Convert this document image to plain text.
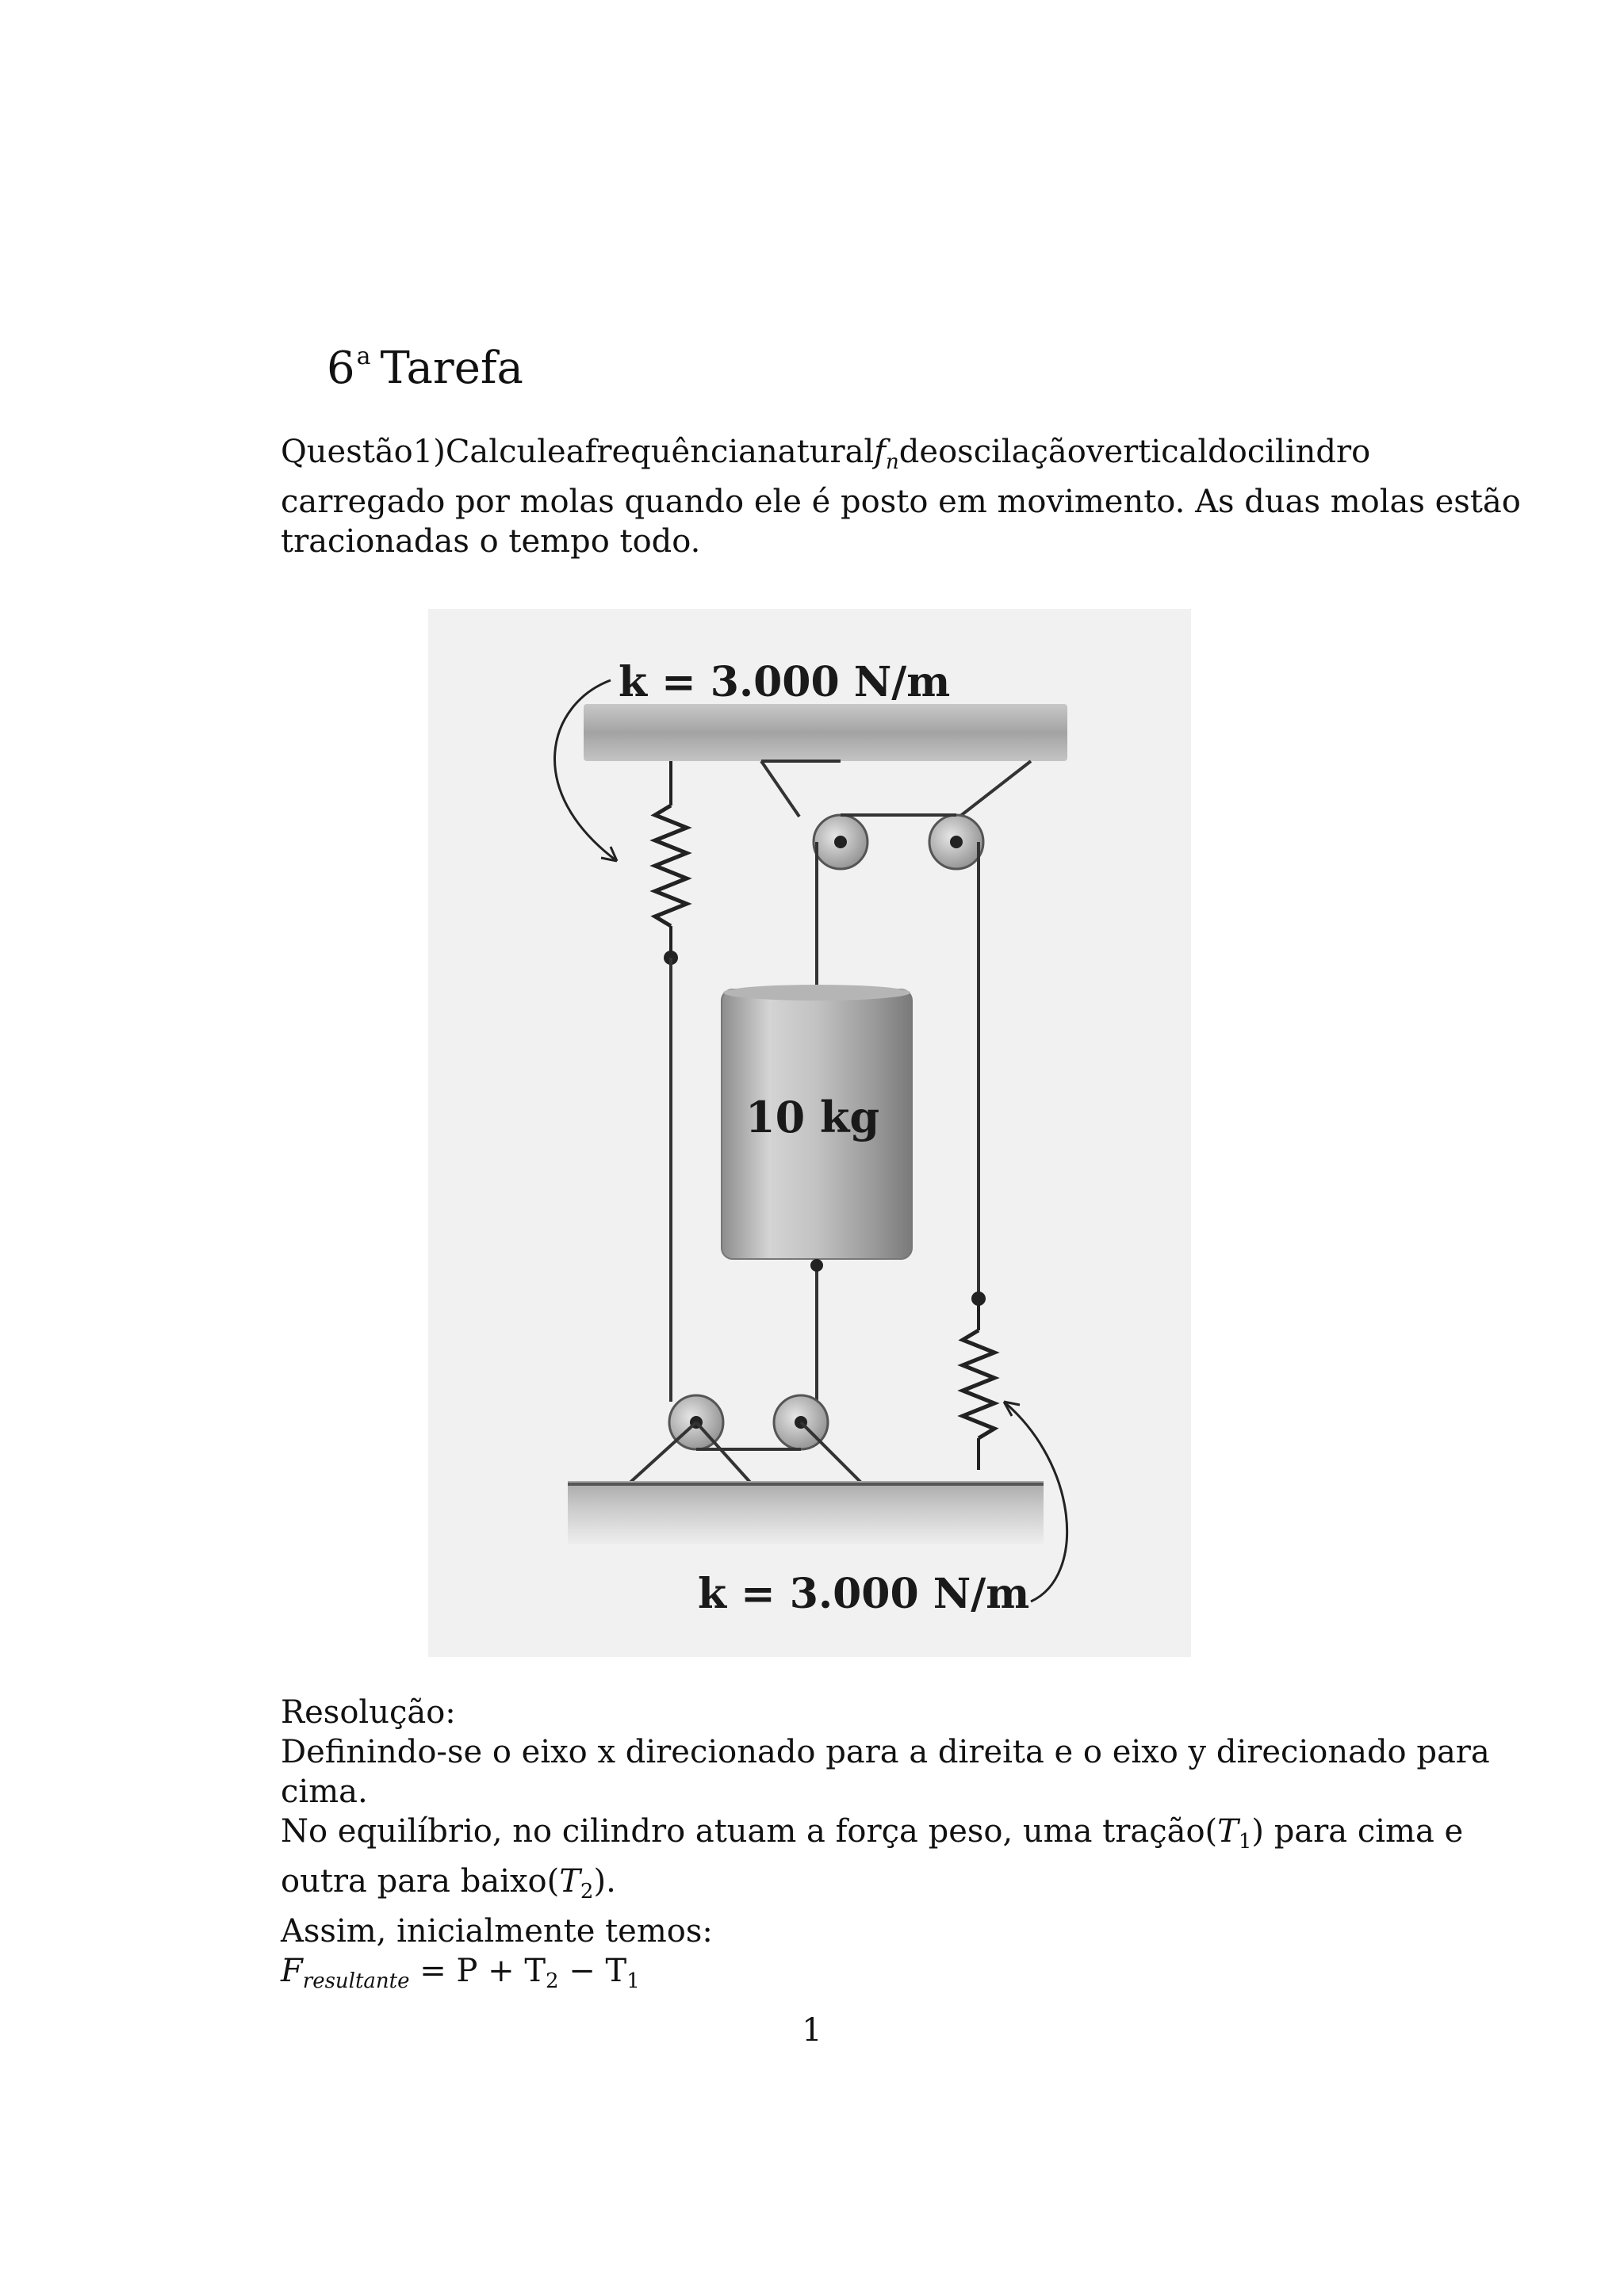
6$^a$ Tarefa
Questão 1)Calcule a frequência natural $f_n$ de oscilação vertical do cilindro
carregado por molas quando ele é posto em movimento. As duas molas estão
tracionadas o tempo todo.
k = 3.000 N/m
10 kg
k = 3.000 N/m
Resolução:
Definindo-se o eixo x direcionado para a direita e o eixo y direcionado para
cima.
No equilíbrio, no cilindro atuam a força peso, uma $tração(T_1)$ para cima e
outra para $baixo(T_2)$.
Assim, inicialmente temos:
$F_{resultante} = P + T_2 - T_1$
1
